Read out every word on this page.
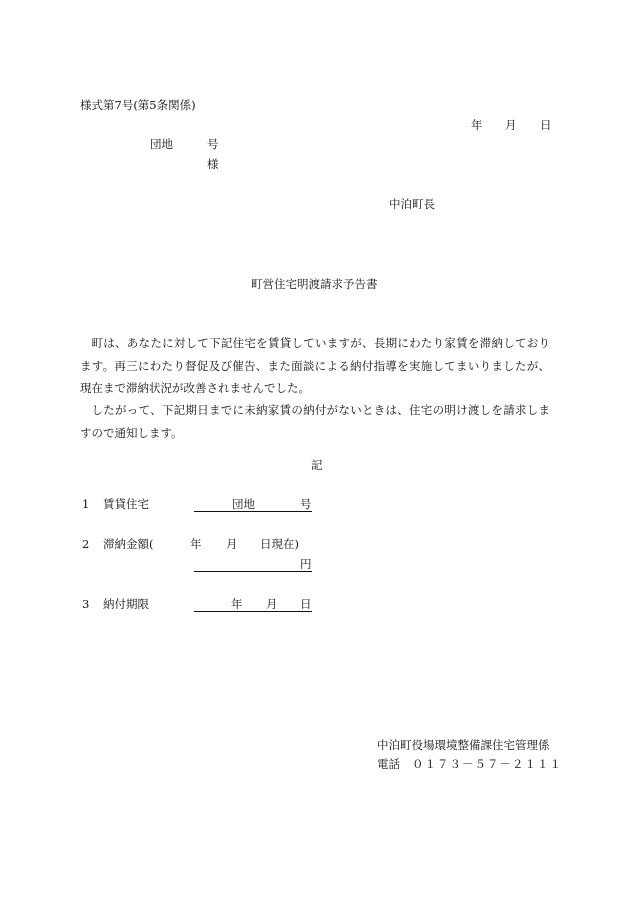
様式第7号(第5条関係)
年 月 日
団地	号
様
中泊町長
町営住宅明渡請求予告書
町は、あなたに対して下記住宅を賃貸していますが、長期にわたり家賃を滞納しております。再三にわたり督促及び催告、また面談による納付指導を実施してまいりましたが、現在まで滞納状況が改善されませんでした。
したがって、下記期日までに未納家賃の納付がないときは、住宅の明け渡しを請求しますので通知します。
記
1 賃貸住宅	団地	号
2 滞納金額(	年 月 日現在)
円
3 納付期限	年 月 日
中泊町役場環境整備課住宅管理係
電話 ０１７３－５７－２１１１
